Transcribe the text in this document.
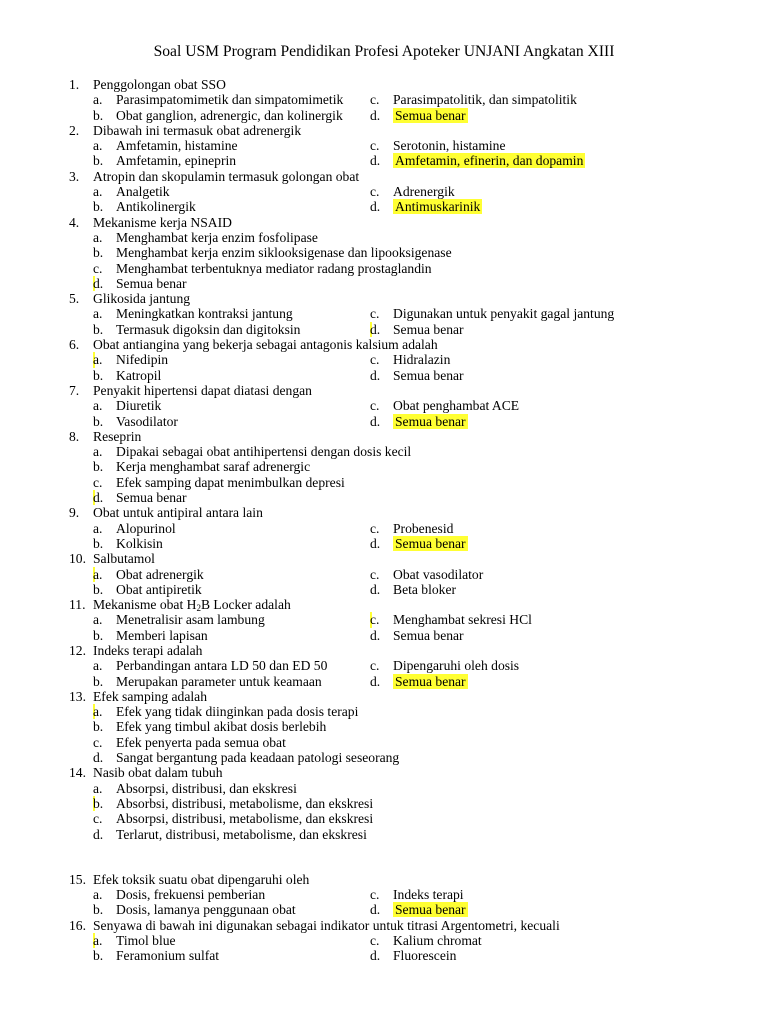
Soal USM Program Pendidikan Profesi Apoteker UNJANI Angkatan XIII
1. Penggolongan obat SSO
a. Parasimpatomimetik dan simpatomimetik c. Parasimpatolitik, dan simpatolitik
b. Obat ganglion, adrenergic, dan kolinergik d. Semua benar
2. Dibawah ini termasuk obat adrenergik
a. Amfetamin, histamine	c. Serotonin, histamine
b. Amfetamin, epineprin	d. Amfetamin, efinerin, dan dopamin
3. Atropin dan skopulamin termasuk golongan obat
a. Analgetik	c. Adrenergik
b. Antikolinergik	d. Antimuskarinik
4. Mekanisme kerja NSAID
a. Menghambat kerja enzim fosfolipase
b. Menghambat kerja enzim siklooksigenase dan lipooksigenase
c. Menghambat terbentuknya mediator radang prostaglandin
d. Semua benar
5. Glikosida jantung
a. Meningkatkan kontraksi jantung	c. Digunakan untuk penyakit gagal jantung
b. Termasuk digoksin dan digitoksin	d. Semua benar
6. Obat antiangina yang bekerja sebagai antagonis kalsium adalah
a. Nifedipin	c. Hidralazin
b. Katropil	d. Semua benar
7. Penyakit hipertensi dapat diatasi dengan
a. Diuretik	c. Obat penghambat ACE
b. Vasodilator	d. Semua benar
8. Reseprin
a. Dipakai sebagai obat antihipertensi dengan dosis kecil
b. Kerja menghambat saraf adrenergic
c. Efek samping dapat menimbulkan depresi
d. Semua benar
9. Obat untuk antipiral antara lain
a. Alopurinol	c. Probenesid
b. Kolkisin	d. Semua benar
10. Salbutamol
a. Obat adrenergik	c. Obat vasodilator
b. Obat antipiretik	d. Beta bloker
11. Mekanisme obat $H_2B$ Locker adalah
a. Menetralisir asam lambung	c. Menghambat sekresi HCl
b. Memberi lapisan	d. Semua benar
12. Indeks terapi adalah
a. Perbandingan antara LD 50 dan ED 50	c. Dipengaruhi oleh dosis
b. Merupakan parameter untuk keamaan	d. Semua benar
13. Efek samping adalah
a. Efek yang tidak diinginkan pada dosis terapi
b. Efek yang timbul akibat dosis berlebih
c. Efek penyerta pada semua obat
d. Sangat bergantung pada keadaan patologi seseorang
14. Nasib obat dalam tubuh
a. Absorpsi, distribusi, dan ekskresi
b. Absorbsi, distribusi, metabolisme, dan ekskresi
c. Absorpsi, distribusi, metabolisme, dan ekskresi
d. Terlarut, distribusi, metabolisme, dan ekskresi
15. Efek toksik suatu obat dipengaruhi oleh
a. Dosis, frekuensi pemberian	c. Indeks terapi
b. Dosis, lamanya penggunaan obat	d. Semua benar
16. Senyawa di bawah ini digunakan sebagai indikator untuk titrasi Argentometri, kecuali
a. Timol blue	c. Kalium chromat
b. Feramonium sulfat	d. Fluorescein
